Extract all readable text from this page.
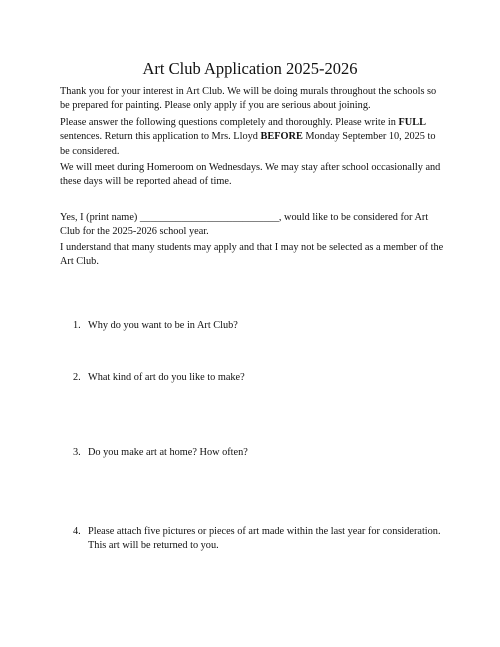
Art Club Application 2025-2026

Thank you for your interest in Art Club. We will be doing murals throughout the schools so be prepared for painting. Please only apply if you are serious about joining.

Please answer the following questions completely and thoroughly. Please write in FULL sentences. Return this application to Mrs. Lloyd BEFORE Monday September 10, 2025 to be considered.

We will meet during Homeroom on Wednesdays. We may stay after school occasionally and these days will be reported ahead of time.

Yes, I (print name) ___________________________, would like to be considered for Art Club for the 2025-2026 school year.

I understand that many students may apply and that I may not be selected as a member of the Art Club.

1. Why do you want to be in Art Club?
2. What kind of art do you like to make?
3. Do you make art at home? How often?
4. Please attach five pictures or pieces of art made within the last year for consideration. This art will be returned to you.
